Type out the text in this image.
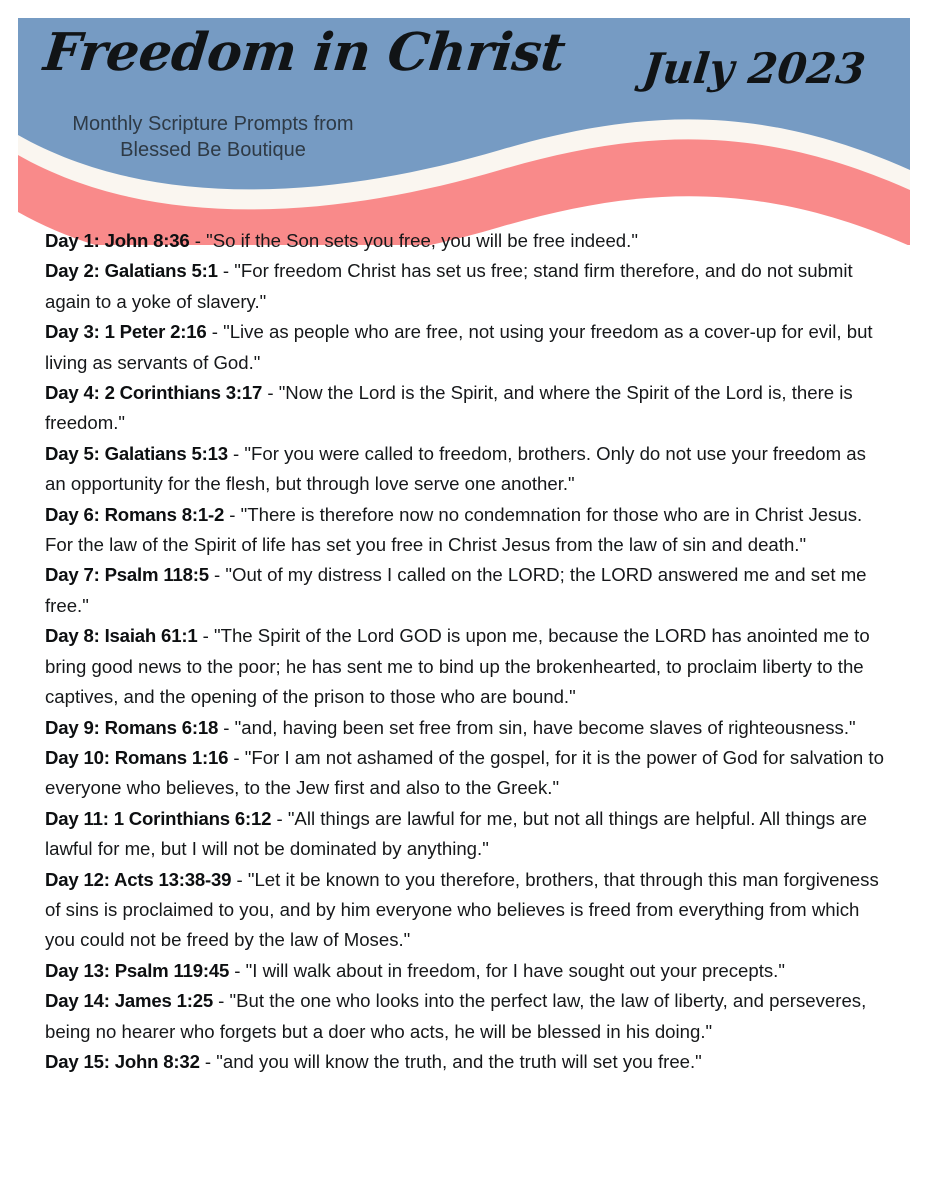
Freedom in Christ July 2023
Monthly Scripture Prompts from
Blessed Be Boutique

Day 1: John 8:36 - "So if the Son sets you free, you will be free indeed."

Day 2: Galatians 5:1 - "For freedom Christ has set us free; stand firm therefore, and do not submit again to a yoke of slavery."

Day 3: 1 Peter 2:16 - "Live as people who are free, not using your freedom as a cover-up for evil, but living as servants of God."

Day 4: 2 Corinthians 3:17 - "Now the Lord is the Spirit, and where the Spirit of the Lord is, there is freedom."

Day 5: Galatians 5:13 - "For you were called to freedom, brothers. Only do not use your freedom as an opportunity for the flesh, but through love serve one another."

Day 6: Romans 8:1-2 - "There is therefore now no condemnation for those who are in Christ Jesus. For the law of the Spirit of life has set you free in Christ Jesus from the law of sin and death."

Day 7: Psalm 118:5 - "Out of my distress I called on the LORD; the LORD answered me and set me free."

Day 8: Isaiah 61:1 - "The Spirit of the Lord GOD is upon me, because the LORD has anointed me to bring good news to the poor; he has sent me to bind up the brokenhearted, to proclaim liberty to the captives, and the opening of the prison to those who are bound."

Day 9: Romans 6:18 - "and, having been set free from sin, have become slaves of righteousness."

Day 10: Romans 1:16 - "For I am not ashamed of the gospel, for it is the power of God for salvation to everyone who believes, to the Jew first and also to the Greek."

Day 11: 1 Corinthians 6:12 - "All things are lawful for me, but not all things are helpful. All things are lawful for me, but I will not be dominated by anything."

Day 12: Acts 13:38-39 - "Let it be known to you therefore, brothers, that through this man forgiveness of sins is proclaimed to you, and by him everyone who believes is freed from everything from which you could not be freed by the law of Moses."

Day 13: Psalm 119:45 - "I will walk about in freedom, for I have sought out your precepts."

Day 14: James 1:25 - "But the one who looks into the perfect law, the law of liberty, and perseveres, being no hearer who forgets but a doer who acts, he will be blessed in his doing."

Day 15: John 8:32 - "and you will know the truth, and the truth will set you free."
